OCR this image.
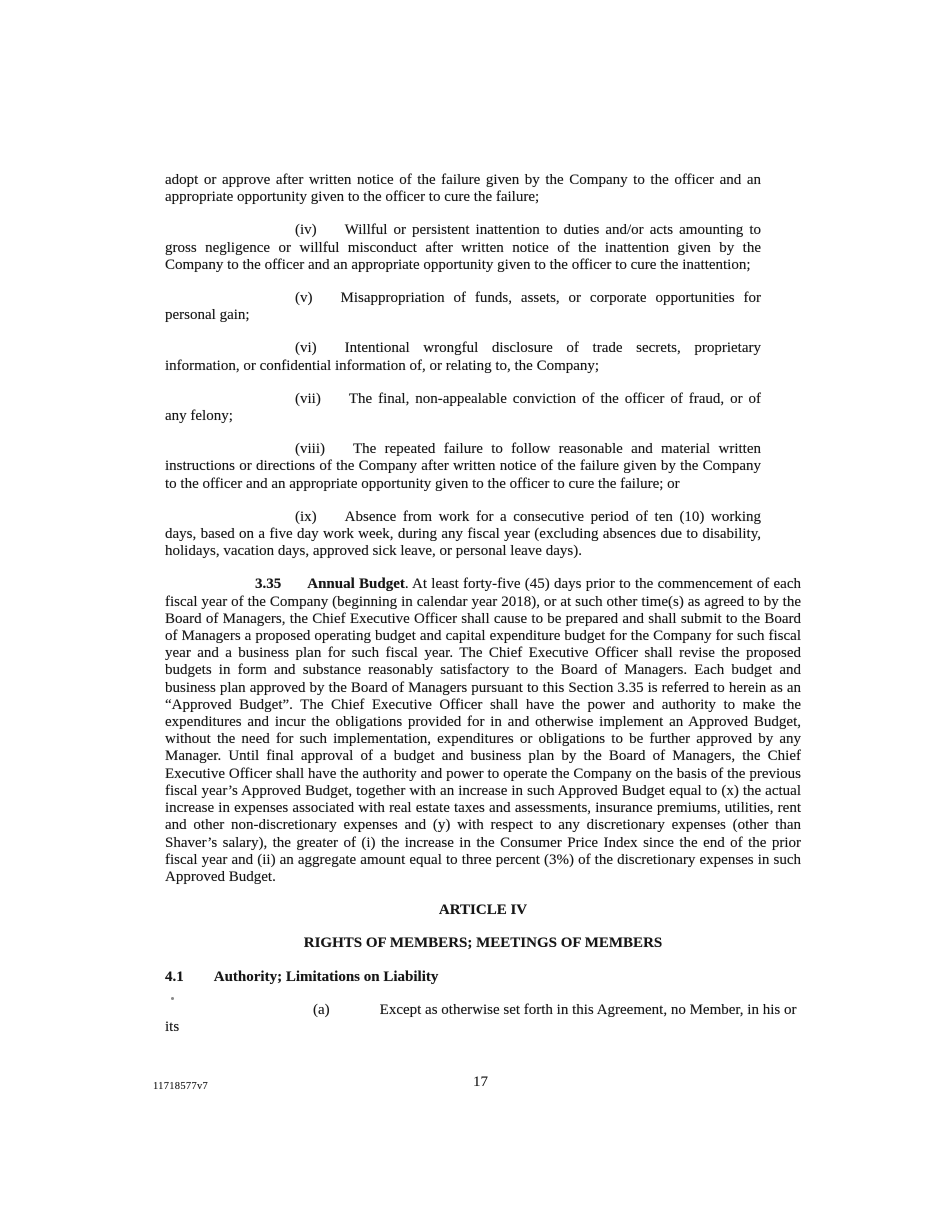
adopt or approve after written notice of the failure given by the Company to the officer and an appropriate opportunity given to the officer to cure the failure;

(iv) Willful or persistent inattention to duties and/or acts amounting to gross negligence or willful misconduct after written notice of the inattention given by the Company to the officer and an appropriate opportunity given to the officer to cure the inattention;

(v) Misappropriation of funds, assets, or corporate opportunities for personal gain;

(vi) Intentional wrongful disclosure of trade secrets, proprietary information, or confidential information of, or relating to, the Company;

(vii) The final, non-appealable conviction of the officer of fraud, or of any felony;

(viii) The repeated failure to follow reasonable and material written instructions or directions of the Company after written notice of the failure given by the Company to the officer and an appropriate opportunity given to the officer to cure the failure; or

(ix) Absence from work for a consecutive period of ten (10) working days, based on a five day work week, during any fiscal year (excluding absences due to disability, holidays, vacation days, approved sick leave, or personal leave days).

3.35 Annual Budget. At least forty-five (45) days prior to the commencement of each fiscal year of the Company (beginning in calendar year 2018), or at such other time(s) as agreed to by the Board of Managers, the Chief Executive Officer shall cause to be prepared and shall submit to the Board of Managers a proposed operating budget and capital expenditure budget for the Company for such fiscal year and a business plan for such fiscal year. The Chief Executive Officer shall revise the proposed budgets in form and substance reasonably satisfactory to the Board of Managers. Each budget and business plan approved by the Board of Managers pursuant to this Section 3.35 is referred to herein as an “Approved Budget”. The Chief Executive Officer shall have the power and authority to make the expenditures and incur the obligations provided for in and otherwise implement an Approved Budget, without the need for such implementation, expenditures or obligations to be further approved by any Manager. Until final approval of a budget and business plan by the Board of Managers, the Chief Executive Officer shall have the authority and power to operate the Company on the basis of the previous fiscal year’s Approved Budget, together with an increase in such Approved Budget equal to (x) the actual increase in expenses associated with real estate taxes and assessments, insurance premiums, utilities, rent and other non-discretionary expenses and (y) with respect to any discretionary expenses (other than Shaver’s salary), the greater of (i) the increase in the Consumer Price Index since the end of the prior fiscal year and (ii) an aggregate amount equal to three percent (3%) of the discretionary expenses in such Approved Budget.

ARTICLE IV

RIGHTS OF MEMBERS; MEETINGS OF MEMBERS

4.1 Authority; Limitations on Liability

(a)	Except as otherwise set forth in this Agreement, no Member, in his or its

11718577v7	17
